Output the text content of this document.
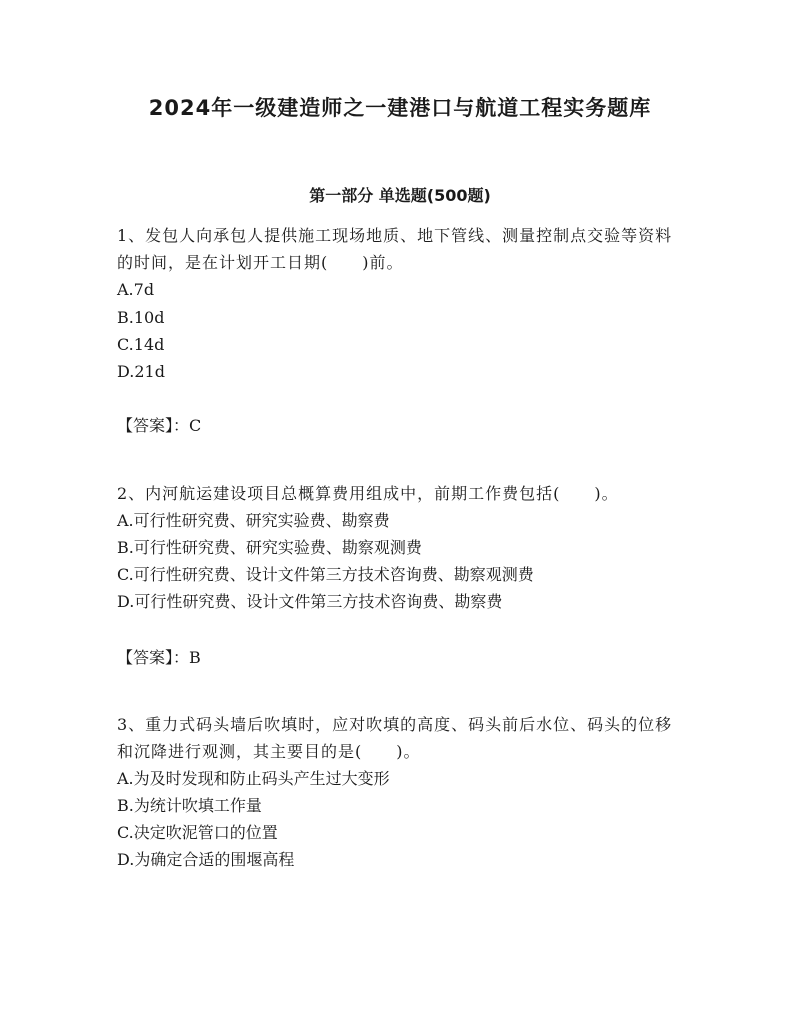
2024年一级建造师之一建港口与航道工程实务题库
第一部分 单选题(500题)

1、发包人向承包人提供施工现场地质、地下管线、测量控制点交验等资料的时间，是在计划开工日期(　　)前。

A.7d

B.10d

C.14d

D.21d

【答案】：C

2、内河航运建设项目总概算费用组成中，前期工作费包括(　　)。

A.可行性研究费、研究实验费、勘察费

B.可行性研究费、研究实验费、勘察观测费

C.可行性研究费、设计文件第三方技术咨询费、勘察观测费

D.可行性研究费、设计文件第三方技术咨询费、勘察费

【答案】：B

3、重力式码头墙后吹填时，应对吹填的高度、码头前后水位、码头的位移和沉降进行观测，其主要目的是(　　)。

A.为及时发现和防止码头产生过大变形

B.为统计吹填工作量

C.决定吹泥管口的位置

D.为确定合适的围堰高程
